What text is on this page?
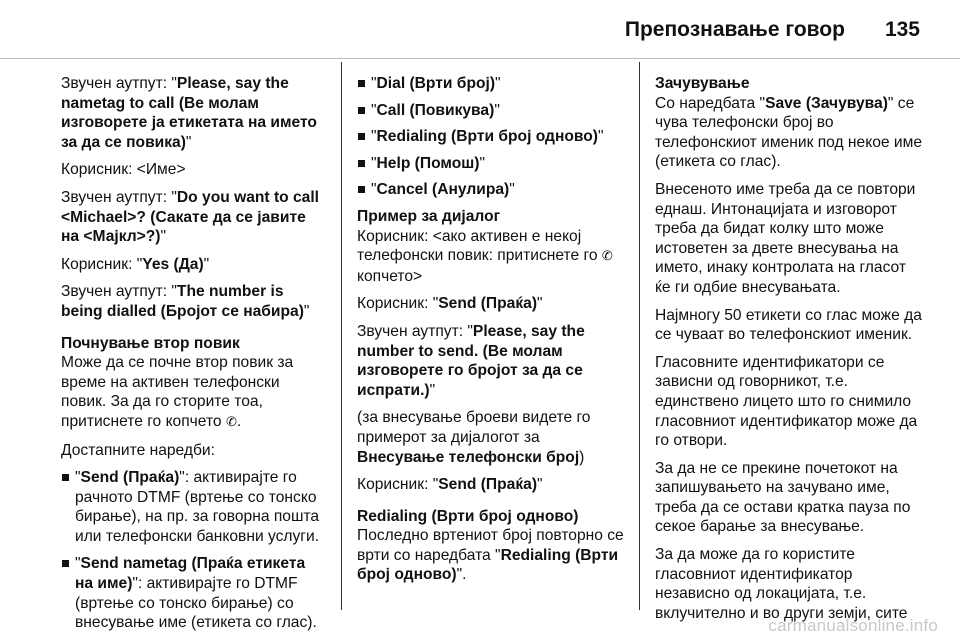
Препознавање говор 135

Звучен аутпут: "Please, say the nametag to call (Ве молам изговорете ја етикетата на името за да се повика)"

Корисник: <Име>

Звучен аутпут: "Do you want to call <Michael>? (Сакате да се јавите на <Мајкл>?)"

Корисник: "Yes (Да)"

Звучен аутпут: "The number is being dialled (Бројот се набира)"

Почнување втор повик

Може да се почне втор повик за време на активен телефонски повик. За да го сторите тоа, притиснете го копчето ✆.

Достапните наредби:

"Send (Праќа)": активирајте го рачното DTMF (вртење со тонско бирање), на пр. за говорна пошта или телефонски банковни услуги.
"Send nametag (Праќа етикета на име)": активирајте го DTMF (вртење со тонско бирање) со внесување име (етикета со глас).
"Dial (Врти број)"
"Call (Повикува)"
"Redialing (Врти број одново)"
"Help (Помош)"
"Cancel (Анулира)"
Пример за дијалог

Корисник: <ако активен е некој телефонски повик: притиснете го ✆ копчето>

Корисник: "Send (Праќа)"

Звучен аутпут: "Please, say the number to send. (Ве молам изговорете го бројот за да се испрати.)"

(за внесување броеви видете го примерот за дијалогот за Внесување телефонски број)

Корисник: "Send (Праќа)"

Redialing (Врти број одново)

Последно вртениот број повторно се врти со наредбата "Redialing (Врти број одново)".

Зачувување

Со наредбата "Save (Зачувува)" се чува телефонски број во телефонскиот именик под некое име (етикета со глас).

Внесеното име треба да се повтори еднаш. Интонацијата и изговорот треба да бидат колку што може истоветен за двете внесувања на името, инаку контролата на гласот ќе ги одбие внесувањата.

Најмногу 50 етикети со глас може да се чуваат во телефонскиот именик.

Гласовните идентификатори се зависни од говорникот, т.е. единствено лицето што го снимило гласовниот идентификатор може да го отвори.

За да не се прекине почетокот на запишувањето на зачувано име, треба да се остави кратка пауза по секое барање за внесување.

За да може да го користите гласовниот идентификатор независно од локацијата, т.е. вклучително и во други земји, сите

carmanualsonline.info
